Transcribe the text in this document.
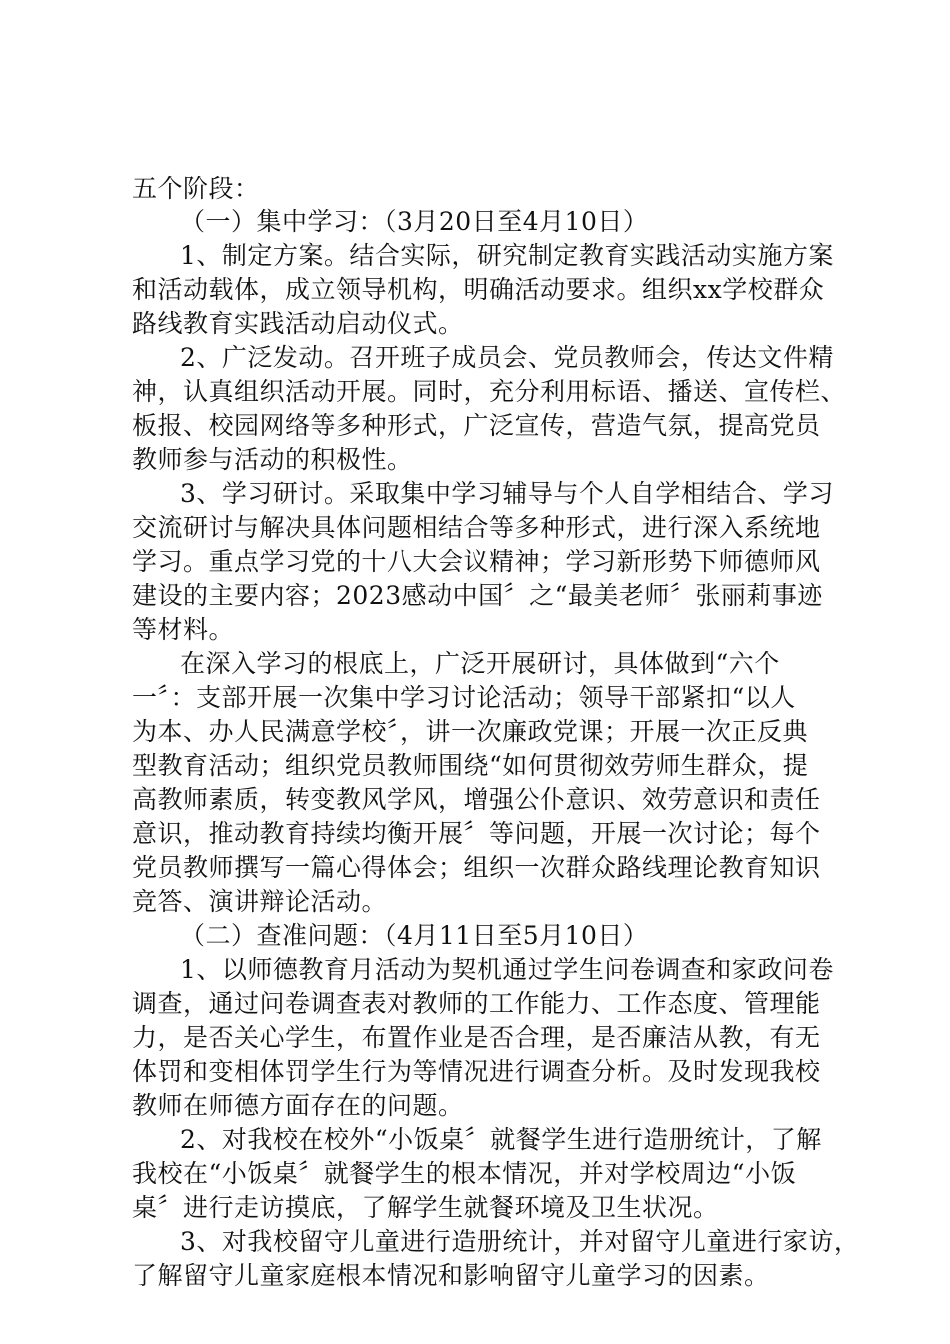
五个阶段：
（一）集中学习：（3月20日至4月10日）
1、制定方案。结合实际，研究制定教育实践活动实施方案
和活动载体，成立领导机构，明确活动要求。组织xx学校群众
路线教育实践活动启动仪式。
2、广泛发动。召开班子成员会、党员教师会，传达文件精
神，认真组织活动开展。同时，充分利用标语、播送、宣传栏、
板报、校园网络等多种形式，广泛宣传，营造气氛，提高党员
教师参与活动的积极性。
3、学习研讨。采取集中学习辅导与个人自学相结合、学习
交流研讨与解决具体问题相结合等多种形式，进行深入系统地
学习。重点学习党的十八大会议精神；学习新形势下师德师风
建设的主要内容；2023感动中国〞之“最美老师〞张丽莉事迹
等材料。
在深入学习的根底上，广泛开展研讨，具体做到“六个
一〞：支部开展一次集中学习讨论活动；领导干部紧扣“以人
为本、办人民满意学校〞，讲一次廉政党课；开展一次正反典
型教育活动；组织党员教师围绕“如何贯彻效劳师生群众，提
高教师素质，转变教风学风，增强公仆意识、效劳意识和责任
意识，推动教育持续均衡开展〞等问题，开展一次讨论；每个
党员教师撰写一篇心得体会；组织一次群众路线理论教育知识
竞答、演讲辩论活动。
（二）查准问题：（4月11日至5月10日）
1、以师德教育月活动为契机通过学生问卷调查和家政问卷
调查，通过问卷调查表对教师的工作能力、工作态度、管理能
力，是否关心学生，布置作业是否合理，是否廉洁从教，有无
体罚和变相体罚学生行为等情况进行调查分析。及时发现我校
教师在师德方面存在的问题。
2、对我校在校外“小饭桌〞就餐学生进行造册统计，了解
我校在“小饭桌〞就餐学生的根本情况，并对学校周边“小饭
桌〞进行走访摸底，了解学生就餐环境及卫生状况。
3、对我校留守儿童进行造册统计，并对留守儿童进行家访，
了解留守儿童家庭根本情况和影响留守儿童学习的因素。
